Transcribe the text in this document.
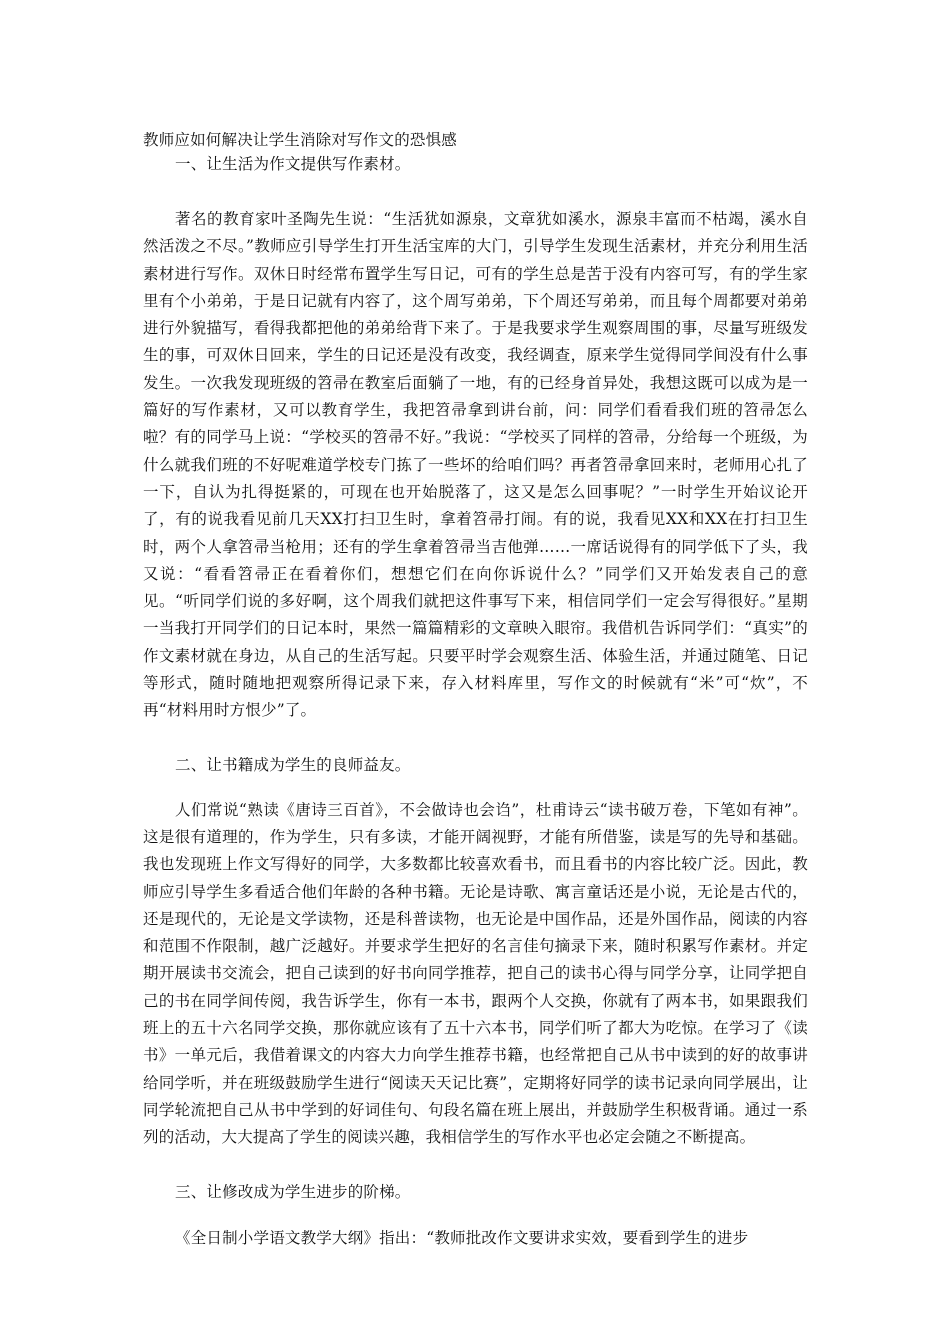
教师应如何解决让学生消除对写作文的恐惧感

一、让生活为作文提供写作素材。

著名的教育家叶圣陶先生说：“生活犹如源泉，文章犹如溪水，源泉丰富而不枯竭，溪水自然活泼之不尽。”教师应引导学生打开生活宝库的大门，引导学生发现生活素材，并充分利用生活素材进行写作。双休日时经常布置学生写日记，可有的学生总是苦于没有内容可写，有的学生家里有个小弟弟，于是日记就有内容了，这个周写弟弟，下个周还写弟弟，而且每个周都要对弟弟进行外貌描写，看得我都把他的弟弟给背下来了。于是我要求学生观察周围的事，尽量写班级发生的事，可双休日回来，学生的日记还是没有改变，我经调查，原来学生觉得同学间没有什么事发生。一次我发现班级的笤帚在教室后面躺了一地，有的已经身首异处，我想这既可以成为是一篇好的写作素材，又可以教育学生，我把笤帚拿到讲台前，问：同学们看看我们班的笤帚怎么啦？有的同学马上说：“学校买的笤帚不好。”我说：“学校买了同样的笤帚，分给每一个班级，为什么就我们班的不好呢难道学校专门拣了一些坏的给咱们吗？再者笤帚拿回来时，老师用心扎了一下，自认为扎得挺紧的，可现在也开始脱落了，这又是怎么回事呢？”一时学生开始议论开了，有的说我看见前几天XX打扫卫生时，拿着笤帚打闹。有的说，我看见XX和XX在打扫卫生时，两个人拿笤帚当枪用；还有的学生拿着笤帚当吉他弹……一席话说得有的同学低下了头，我又说：“看看笤帚正在看着你们，想想它们在向你诉说什么？”同学们又开始发表自己的意见。“听同学们说的多好啊，这个周我们就把这件事写下来，相信同学们一定会写得很好。”星期一当我打开同学们的日记本时，果然一篇篇精彩的文章映入眼帘。我借机告诉同学们：“真实”的作文素材就在身边，从自己的生活写起。只要平时学会观察生活、体验生活，并通过随笔、日记等形式，随时随地把观察所得记录下来，存入材料库里，写作文的时候就有“米”可“炊”，不再“材料用时方恨少”了。

二、让书籍成为学生的良师益友。

人们常说“熟读《唐诗三百首》，不会做诗也会诌”，杜甫诗云“读书破万卷，下笔如有神”。这是很有道理的，作为学生，只有多读，才能开阔视野，才能有所借鉴，读是写的先导和基础。我也发现班上作文写得好的同学，大多数都比较喜欢看书，而且看书的内容比较广泛。因此，教师应引导学生多看适合他们年龄的各种书籍。无论是诗歌、寓言童话还是小说，无论是古代的，还是现代的，无论是文学读物，还是科普读物，也无论是中国作品，还是外国作品，阅读的内容和范围不作限制，越广泛越好。并要求学生把好的名言佳句摘录下来，随时积累写作素材。并定期开展读书交流会，把自己读到的好书向同学推荐，把自己的读书心得与同学分享，让同学把自己的书在同学间传阅，我告诉学生，你有一本书，跟两个人交换，你就有了两本书，如果跟我们班上的五十六名同学交换，那你就应该有了五十六本书，同学们听了都大为吃惊。在学习了《读书》一单元后，我借着课文的内容大力向学生推荐书籍，也经常把自己从书中读到的好的故事讲给同学听，并在班级鼓励学生进行“阅读天天记比赛”，定期将好同学的读书记录向同学展出，让同学轮流把自己从书中学到的好词佳句、句段名篇在班上展出，并鼓励学生积极背诵。通过一系列的活动，大大提高了学生的阅读兴趣，我相信学生的写作水平也必定会随之不断提高。

三、让修改成为学生进步的阶梯。

《全日制小学语文教学大纲》指出：“教师批改作文要讲求实效，要看到学生的进步
